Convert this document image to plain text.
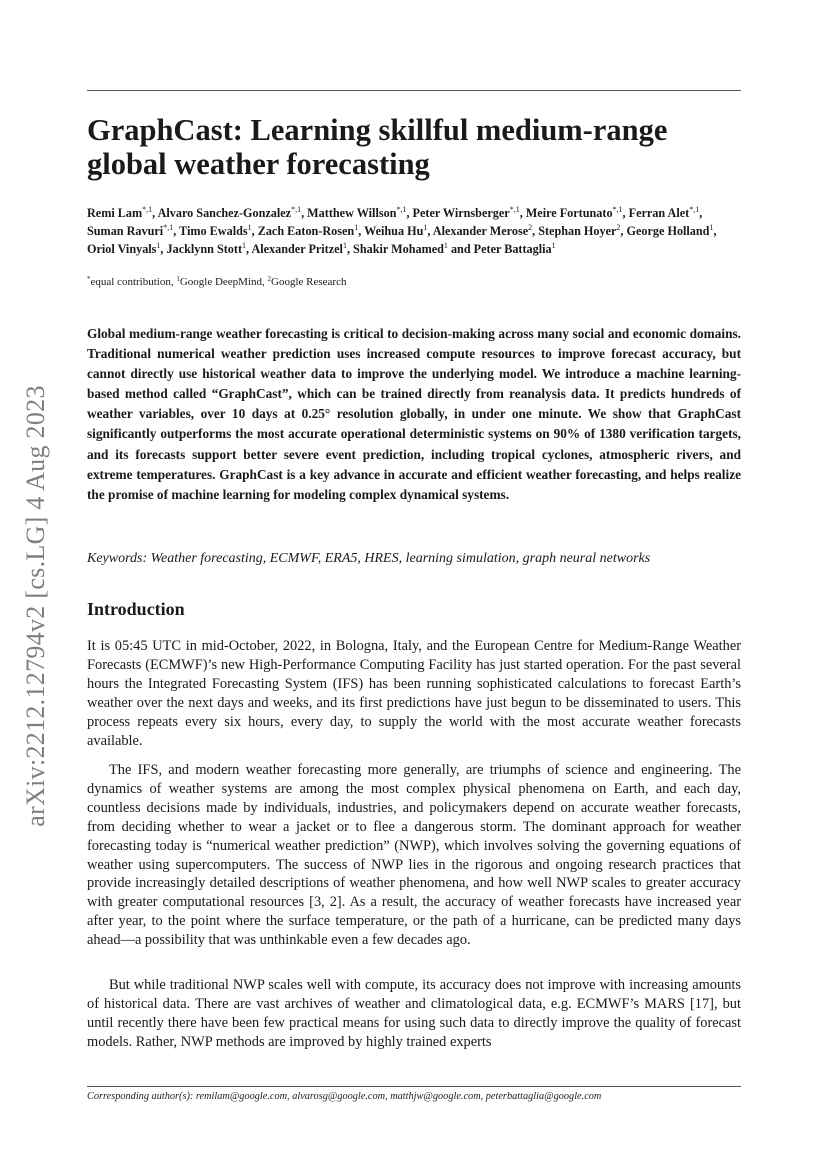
arXiv:2212.12794v2 [cs.LG] 4 Aug 2023
GraphCast: Learning skillful medium-range global weather forecasting

Remi Lam$^{*,1}$, Alvaro Sanchez-Gonzalez$^{*,1}$, Matthew Willson$^{*,1}$, Peter Wirnsberger$^{*,1}$, Meire Fortunato$^{*,1}$, Ferran Alet$^{*,1}$, Suman Ravuri$^{*,1}$, Timo Ewalds$^1$, Zach Eaton-Rosen$^1$, Weihua Hu$^1$, Alexander Merose$^2$, Stephan Hoyer$^2$, George Holland$^1$, Oriol Vinyals$^1$, Jacklynn Stott$^1$, Alexander Pritzel$^1$, Shakir Mohamed$^1$ and Peter Battaglia$^1$

*equal contribution, $^1$Google DeepMind, $^2$Google Research

Global medium-range weather forecasting is critical to decision-making across many social and economic domains. Traditional numerical weather prediction uses increased compute resources to improve forecast accuracy, but cannot directly use historical weather data to improve the underlying model. We introduce a machine learning-based method called “GraphCast”, which can be trained directly from reanalysis data. It predicts hundreds of weather variables, over 10 days at 0.25° resolution globally, in under one minute. We show that GraphCast significantly outperforms the most accurate operational deterministic systems on 90% of 1380 verification targets, and its forecasts support better severe event prediction, including tropical cyclones, atmospheric rivers, and extreme temperatures. GraphCast is a key advance in accurate and efficient weather forecasting, and helps realize the promise of machine learning for modeling complex dynamical systems.

Keywords: Weather forecasting, ECMWF, ERA5, HRES, learning simulation, graph neural networks

Introduction

It is 05:45 UTC in mid-October, 2022, in Bologna, Italy, and the European Centre for Medium-Range Weather Forecasts (ECMWF)’s new High-Performance Computing Facility has just started operation. For the past several hours the Integrated Forecasting System (IFS) has been running sophisticated calculations to forecast Earth’s weather over the next days and weeks, and its first predictions have just begun to be disseminated to users. This process repeats every six hours, every day, to supply the world with the most accurate weather forecasts available.

The IFS, and modern weather forecasting more generally, are triumphs of science and engineering. The dynamics of weather systems are among the most complex physical phenomena on Earth, and each day, countless decisions made by individuals, industries, and policymakers depend on accurate weather forecasts, from deciding whether to wear a jacket or to flee a dangerous storm. The dominant approach for weather forecasting today is “numerical weather prediction” (NWP), which involves solving the governing equations of weather using supercomputers. The success of NWP lies in the rigorous and ongoing research practices that provide increasingly detailed descriptions of weather phenomena, and how well NWP scales to greater accuracy with greater computational resources [3, 2]. As a result, the accuracy of weather forecasts have increased year after year, to the point where the surface temperature, or the path of a hurricane, can be predicted many days ahead—a possibility that was unthinkable even a few decades ago.

But while traditional NWP scales well with compute, its accuracy does not improve with increasing amounts of historical data. There are vast archives of weather and climatological data, e.g. ECMWF’s MARS [17], but until recently there have been few practical means for using such data to directly improve the quality of forecast models. Rather, NWP methods are improved by highly trained experts

Corresponding author(s): remilam@google.com, alvarosg@google.com, matthjw@google.com, peterbattaglia@google.com
